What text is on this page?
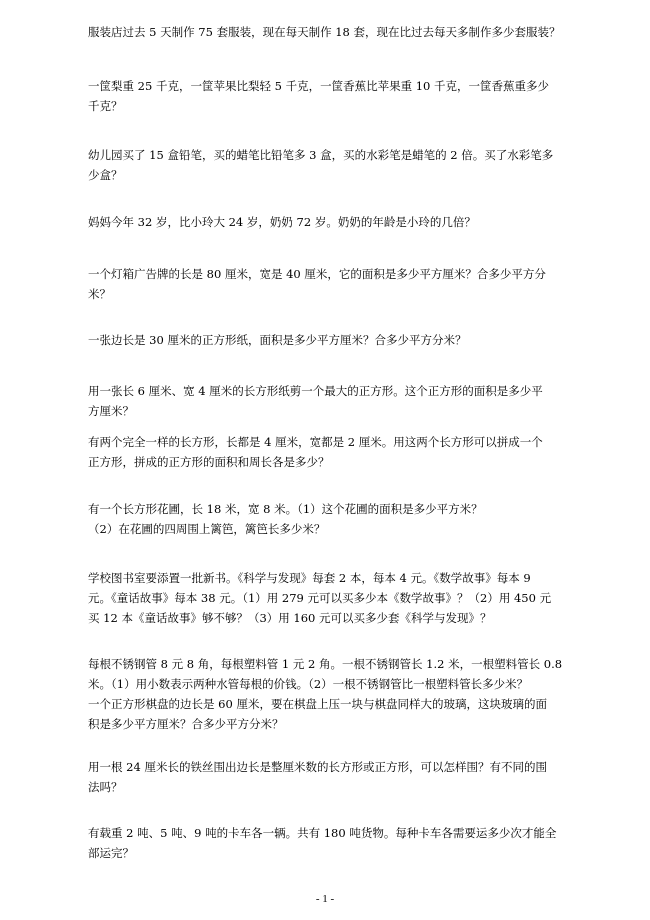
服装店过去 5 天制作 75 套服装，现在每天制作 18 套，现在比过去每天多制作多少套服装？

一筐梨重 25 千克，一筐苹果比梨轻 5 千克，一筐香蕉比苹果重 10 千克，一筐香蕉重多少
千克？

幼儿园买了 15 盒铅笔，买的蜡笔比铅笔多 3 盒，买的水彩笔是蜡笔的 2 倍。买了水彩笔多
少盒？

妈妈今年 32 岁，比小玲大 24 岁，奶奶 72 岁。奶奶的年龄是小玲的几倍？

一个灯箱广告牌的长是 80 厘米，宽是 40 厘米，它的面积是多少平方厘米？合多少平方分
米？

一张边长是 30 厘米的正方形纸，面积是多少平方厘米？合多少平方分米？

用一张长 6 厘米、宽 4 厘米的长方形纸剪一个最大的正方形。这个正方形的面积是多少平
方厘米？

有两个完全一样的长方形，长都是 4 厘米，宽都是 2 厘米。用这两个长方形可以拼成一个
正方形，拼成的正方形的面积和周长各是多少？

有一个长方形花圃，长 18 米，宽 8 米。（1）这个花圃的面积是多少平方米？
（2）在花圃的四周围上篱笆，篱笆长多少米？

学校图书室要添置一批新书。《科学与发现》每套 2 本，每本 4 元。《数学故事》每本 9
元。《童话故事》每本 38 元。（1）用 279 元可以买多少本《数学故事》？（2）用 450 元
买 12 本《童话故事》够不够？（3）用 160 元可以买多少套《科学与发现》？

每根不锈钢管 8 元 8 角，每根塑料管 1 元 2 角。一根不锈钢管长 1.2 米，一根塑料管长 0.8
米。（1）用小数表示两种水管每根的价钱。（2）一根不锈钢管比一根塑料管长多少米？
一个正方形棋盘的边长是 60 厘米，要在棋盘上压一块与棋盘同样大的玻璃，这块玻璃的面
积是多少平方厘米？合多少平方分米？

用一根 24 厘米长的铁丝围出边长是整厘米数的长方形或正方形，可以怎样围？有不同的围
法吗？

有载重 2 吨、5 吨、9 吨的卡车各一辆。共有 180 吨货物。每种卡车各需要运多少次才能全
部运完？

- 1 -
